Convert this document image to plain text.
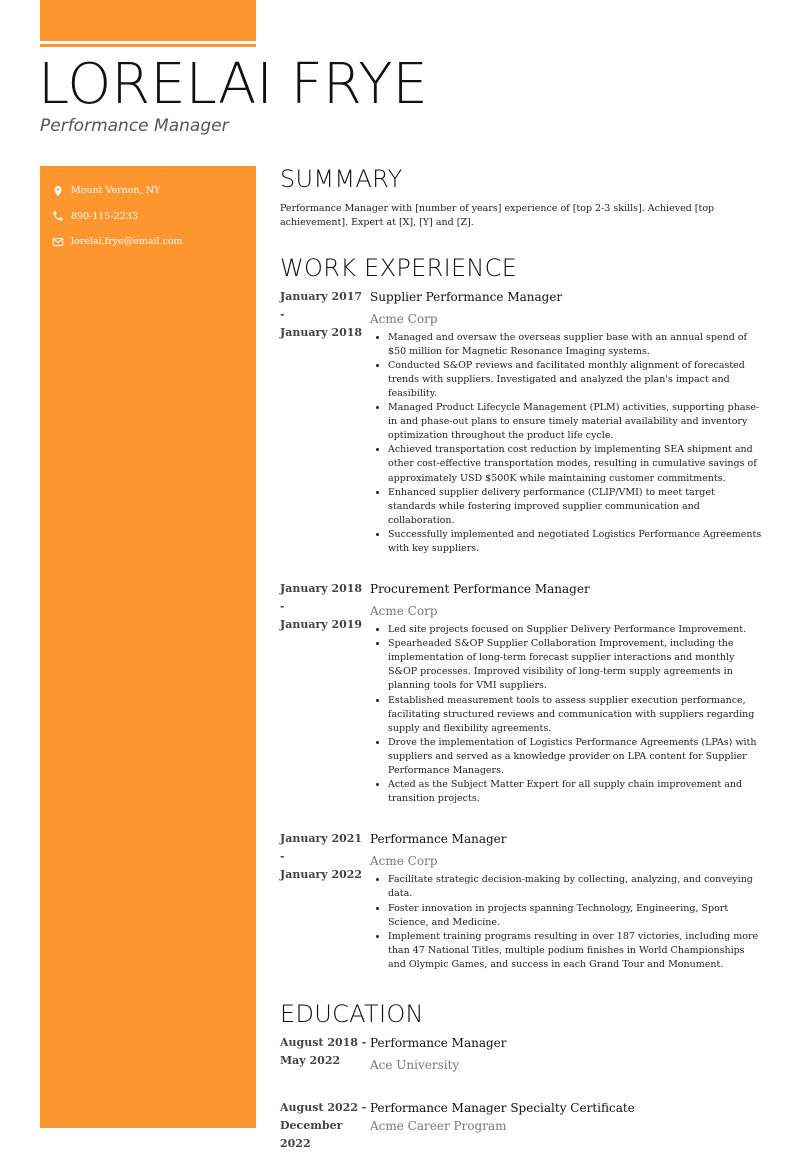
LORELAI FRYE
Performance Manager
Mount Vernon, NY
890-115-2233
lorelai.frye@email.com
SUMMARY
Performance Manager with [number of years] experience of [top 2-3 skills]. Achieved [top achievement]. Expert at [X], [Y] and [Z].
WORK EXPERIENCE
January 2017
-
January 2018
Supplier Performance Manager
Acme Corp
• Managed and oversaw the overseas supplier base with an annual spend of $50 million for Magnetic Resonance Imaging systems.
• Conducted S&OP reviews and facilitated monthly alignment of forecasted trends with suppliers. Investigated and analyzed the plan's impact and feasibility.
• Managed Product Lifecycle Management (PLM) activities, supporting phase-in and phase-out plans to ensure timely material availability and inventory optimization throughout the product life cycle.
• Achieved transportation cost reduction by implementing SEA shipment and other cost-effective transportation modes, resulting in cumulative savings of approximately USD $500K while maintaining customer commitments.
• Enhanced supplier delivery performance (CLIP/VMI) to meet target standards while fostering improved supplier communication and collaboration.
• Successfully implemented and negotiated Logistics Performance Agreements with key suppliers.
January 2018
-
January 2019
Procurement Performance Manager
Acme Corp
• Led site projects focused on Supplier Delivery Performance Improvement.
• Spearheaded S&OP Supplier Collaboration Improvement, including the implementation of long-term forecast supplier interactions and monthly S&OP processes. Improved visibility of long-term supply agreements in planning tools for VMI suppliers.
• Established measurement tools to assess supplier execution performance, facilitating structured reviews and communication with suppliers regarding supply and flexibility agreements.
• Drove the implementation of Logistics Performance Agreements (LPAs) with suppliers and served as a knowledge provider on LPA content for Supplier Performance Managers.
• Acted as the Subject Matter Expert for all supply chain improvement and transition projects.
January 2021
-
January 2022
Performance Manager
Acme Corp
• Facilitate strategic decision-making by collecting, analyzing, and conveying data.
• Foster innovation in projects spanning Technology, Engineering, Sport Science, and Medicine.
• Implement training programs resulting in over 187 victories, including more than 47 National Titles, multiple podium finishes in World Championships and Olympic Games, and success in each Grand Tour and Monument.
EDUCATION
August 2018 -
May 2022
Performance Manager
Ace University
August 2022 -
December 2022
Performance Manager Specialty Certificate
Acme Career Program
